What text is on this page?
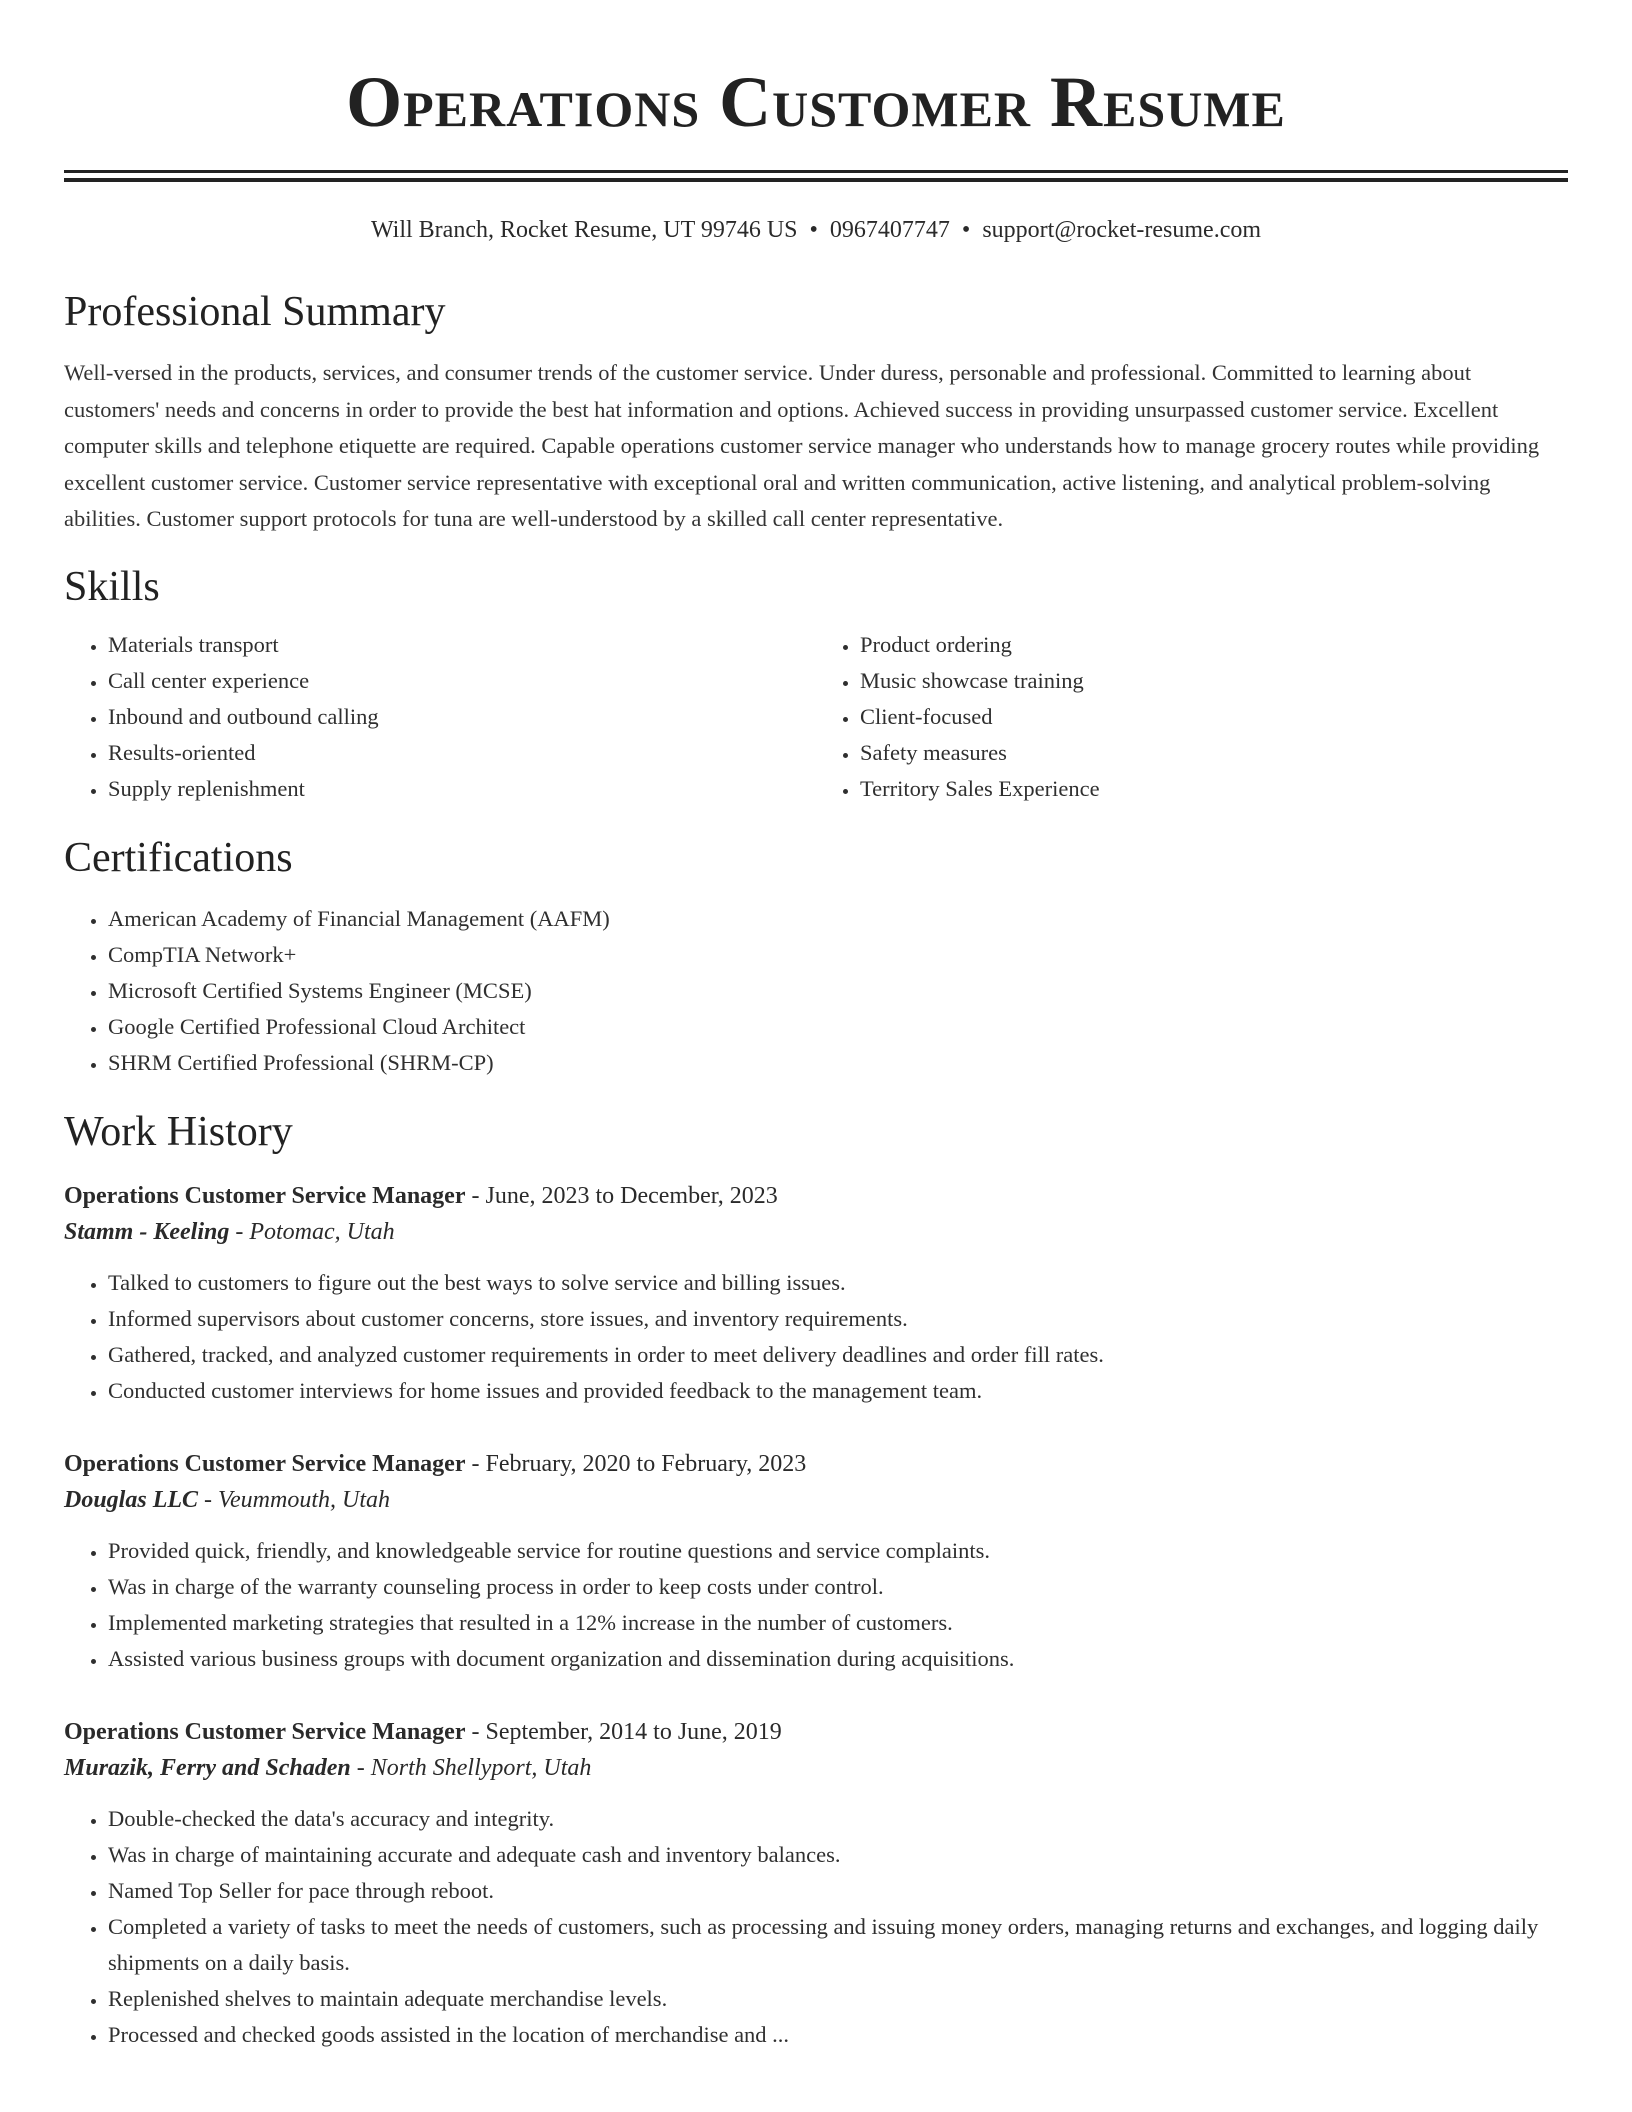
Operations Customer Resume
Will Branch, Rocket Resume, UT 99746 US • 0967407747 • support@rocket-resume.com
Professional Summary

Well-versed in the products, services, and consumer trends of the customer service. Under duress, personable and professional. Committed to learning about customers' needs and concerns in order to provide the best hat information and options. Achieved success in providing unsurpassed customer service. Excellent computer skills and telephone etiquette are required. Capable operations customer service manager who understands how to manage grocery routes while providing excellent customer service. Customer service representative with exceptional oral and written communication, active listening, and analytical problem-solving abilities. Customer support protocols for tuna are well-understood by a skilled call center representative.

Skills
• Materials transport
• Call center experience
• Inbound and outbound calling
• Results-oriented
• Supply replenishment
• Product ordering
• Music showcase training
• Client-focused
• Safety measures
• Territory Sales Experience
Certifications
• American Academy of Financial Management (AAFM)
• CompTIA Network+
• Microsoft Certified Systems Engineer (MCSE)
• Google Certified Professional Cloud Architect
• SHRM Certified Professional (SHRM-CP)
Work History
Operations Customer Service Manager - June, 2023 to December, 2023
Stamm - Keeling - Potomac, Utah
• Talked to customers to figure out the best ways to solve service and billing issues.
• Informed supervisors about customer concerns, store issues, and inventory requirements.
• Gathered, tracked, and analyzed customer requirements in order to meet delivery deadlines and order fill rates.
• Conducted customer interviews for home issues and provided feedback to the management team.
Operations Customer Service Manager - February, 2020 to February, 2023
Douglas LLC - Veummouth, Utah
• Provided quick, friendly, and knowledgeable service for routine questions and service complaints.
• Was in charge of the warranty counseling process in order to keep costs under control.
• Implemented marketing strategies that resulted in a 12% increase in the number of customers.
• Assisted various business groups with document organization and dissemination during acquisitions.
Operations Customer Service Manager - September, 2014 to June, 2019
Murazik, Ferry and Schaden - North Shellyport, Utah
• Double-checked the data's accuracy and integrity.
• Was in charge of maintaining accurate and adequate cash and inventory balances.
• Named Top Seller for pace through reboot.
• Completed a variety of tasks to meet the needs of customers, such as processing and issuing money orders, managing returns and exchanges, and logging daily shipments on a daily basis.
• Replenished shelves to maintain adequate merchandise levels.
• Processed and checked goods assisted in the location of merchandise and ...
